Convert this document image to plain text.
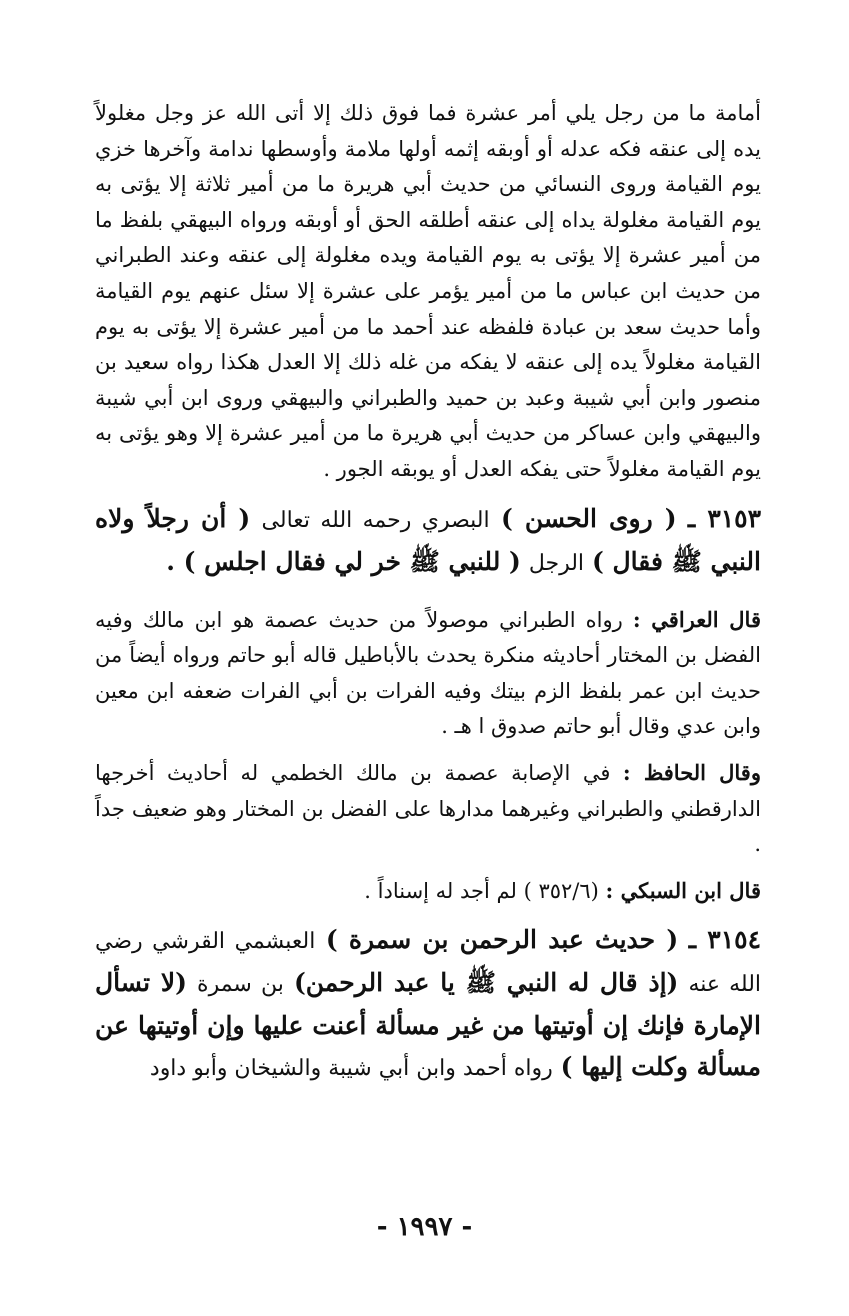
أمامة ما من رجل يلي أمر عشرة فما فوق ذلك إلا أتى الله عز وجل مغلولاً يده إلى عنقه فكه عدله أو أوبقه إثمه أولها ملامة وأوسطها ندامة وآخرها خزي يوم القيامة وروى النسائي من حديث أبي هريرة ما من أمير ثلاثة إلا يؤتى به يوم القيامة مغلولة يداه إلى عنقه أطلقه الحق أو أوبقه ورواه البيهقي بلفظ ما من أمير عشرة إلا يؤتى به يوم القيامة ويده مغلولة إلى عنقه وعند الطبراني من حديث ابن عباس ما من أمير يؤمر على عشرة إلا سئل عنهم يوم القيامة وأما حديث سعد بن عبادة فلفظه عند أحمد ما من أمير عشرة إلا يؤتى به يوم القيامة مغلولاً يده إلى عنقه لا يفكه من غله ذلك إلا العدل هكذا رواه سعيد بن منصور وابن أبي شيبة وعبد بن حميد والطبراني والبيهقي وروى ابن أبي شيبة والبيهقي وابن عساكر من حديث أبي هريرة ما من أمير عشرة إلا وهو يؤتى به يوم القيامة مغلولاً حتى يفكه العدل أو يوبقه الجور .

٣١٥٣ ـ ( روى الحسن ) البصري رحمه الله تعالى ( أن رجلاً ولاه النبي ﷺ فقال ) الرجل ( للنبي ﷺ خر لي فقال اجلس ) .

قال العراقي : رواه الطبراني موصولاً من حديث عصمة هو ابن مالك وفيه الفضل بن المختار أحاديثه منكرة يحدث بالأباطيل قاله أبو حاتم ورواه أيضاً من حديث ابن عمر بلفظ الزم بيتك وفيه الفرات بن أبي الفرات ضعفه ابن معين وابن عدي وقال أبو حاتم صدوق ا هـ .

وقال الحافظ : في الإصابة عصمة بن مالك الخطمي له أحاديث أخرجها الدارقطني والطبراني وغيرهما مدارها على الفضل بن المختار وهو ضعيف جداً .

قال ابن السبكي : (٣٥٢/٦ ) لم أجد له إسناداً .

٣١٥٤ ـ ( حديث عبد الرحمن بن سمرة ) العبشمي القرشي رضي الله عنه (إذ قال له النبي ﷺ يا عبد الرحمن) بن سمرة (لا تسأل الإمارة فإنك إن أوتيتها من غير مسألة أعنت عليها وإن أوتيتها عن مسألة وكلت إليها ) رواه أحمد وابن أبي شيبة والشيخان وأبو داود

- ١٩٩٧ -
